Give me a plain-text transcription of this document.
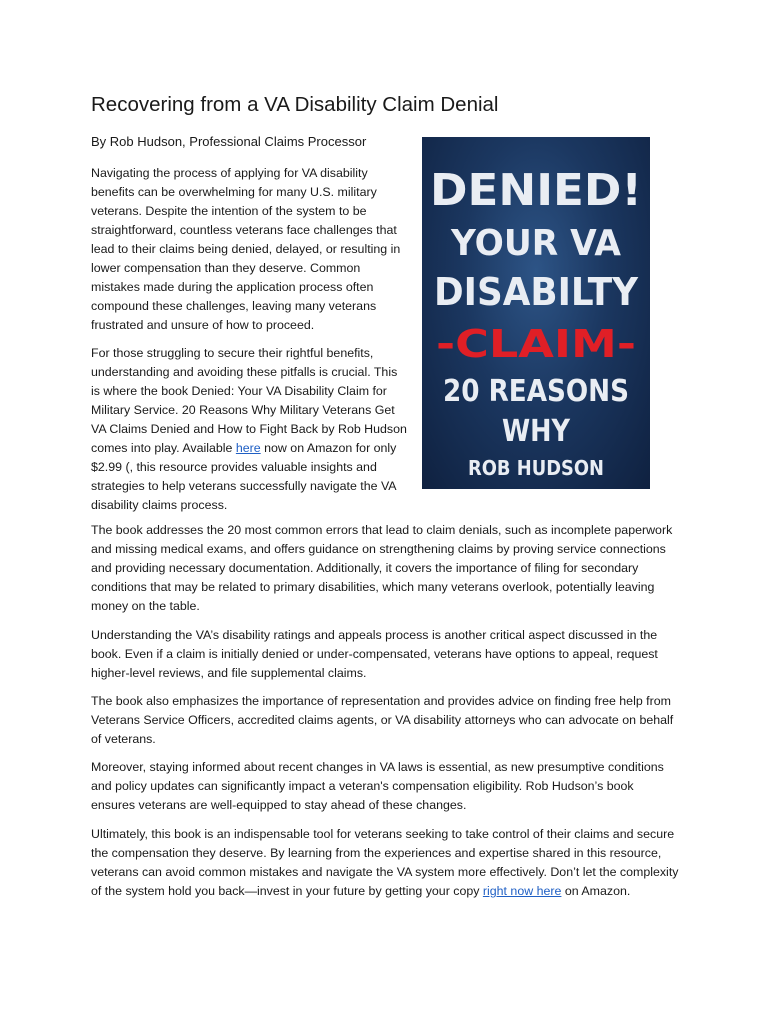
Recovering from a VA Disability Claim Denial

By Rob Hudson, Professional Claims Processor

DENIED!
YOUR VA
DISABILTY
-CLAIM-
20 REASONS
WHY
ROB HUDSON

Navigating the process of applying for VA disability benefits can be overwhelming for many U.S. military veterans. Despite the intention of the system to be straightforward, countless veterans face challenges that lead to their claims being denied, delayed, or resulting in lower compensation than they deserve. Common mistakes made during the application process often compound these challenges, leaving many veterans frustrated and unsure of how to proceed.

For those struggling to secure their rightful benefits, understanding and avoiding these pitfalls is crucial. This is where the book Denied: Your VA Disability Claim for Military Service. 20 Reasons Why Military Veterans Get VA Claims Denied and How to Fight Back by Rob Hudson comes into play. Available here now on Amazon for only $2.99 (, this resource provides valuable insights and strategies to help veterans successfully navigate the VA disability claims process.

The book addresses the 20 most common errors that lead to claim denials, such as incomplete paperwork and missing medical exams, and offers guidance on strengthening claims by proving service connections and providing necessary documentation. Additionally, it covers the importance of filing for secondary conditions that may be related to primary disabilities, which many veterans overlook, potentially leaving money on the table.

Understanding the VA’s disability ratings and appeals process is another critical aspect discussed in the book. Even if a claim is initially denied or under-compensated, veterans have options to appeal, request higher-level reviews, and file supplemental claims.

The book also emphasizes the importance of representation and provides advice on finding free help from Veterans Service Officers, accredited claims agents, or VA disability attorneys who can advocate on behalf of veterans.

Moreover, staying informed about recent changes in VA laws is essential, as new presumptive conditions and policy updates can significantly impact a veteran's compensation eligibility. Rob Hudson’s book ensures veterans are well-equipped to stay ahead of these changes.

Ultimately, this book is an indispensable tool for veterans seeking to take control of their claims and secure the compensation they deserve. By learning from the experiences and expertise shared in this resource, veterans can avoid common mistakes and navigate the VA system more effectively. Don’t let the complexity of the system hold you back—invest in your future by getting your copy right now here on Amazon.
